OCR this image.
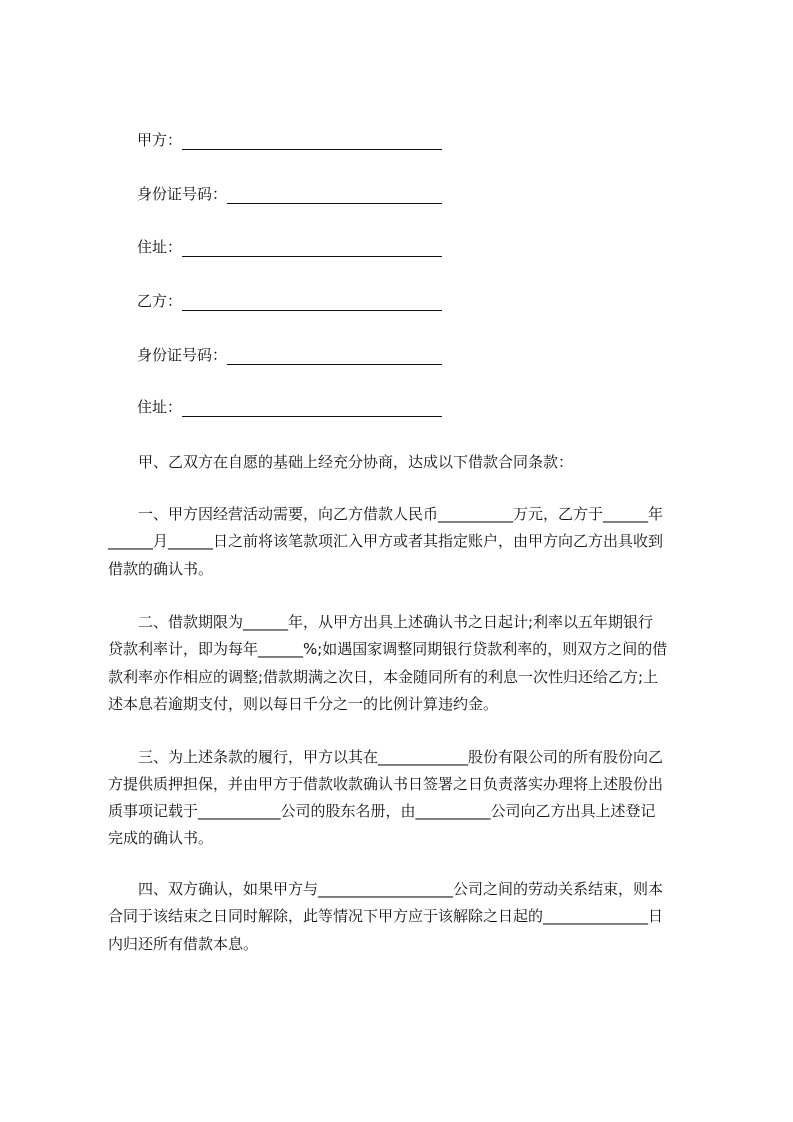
甲方：
身份证号码：
住址：
乙方：
身份证号码：
住址：
甲、乙双方在自愿的基础上经充分协商，达成以下借款合同条款：
一、甲方因经营活动需要，向乙方借款人民币__________万元，乙方于______年
______月______日之前将该笔款项汇入甲方或者其指定账户，由甲方向乙方出具收到
借款的确认书。
二、借款期限为______年，从甲方出具上述确认书之日起计;利率以五年期银行
贷款利率计，即为每年______%;如遇国家调整同期银行贷款利率的，则双方之间的借
款利率亦作相应的调整;借款期满之次日，本金随同所有的利息一次性归还给乙方;上
述本息若逾期支付，则以每日千分之一的比例计算违约金。
三、为上述条款的履行，甲方以其在____________股份有限公司的所有股份向乙
方提供质押担保，并由甲方于借款收款确认书日签署之日负责落实办理将上述股份出
质事项记载于___________公司的股东名册，由__________公司向乙方出具上述登记
完成的确认书。
四、双方确认，如果甲方与__________________公司之间的劳动关系结束，则本
合同于该结束之日同时解除，此等情况下甲方应于该解除之日起的______________日
内归还所有借款本息。
